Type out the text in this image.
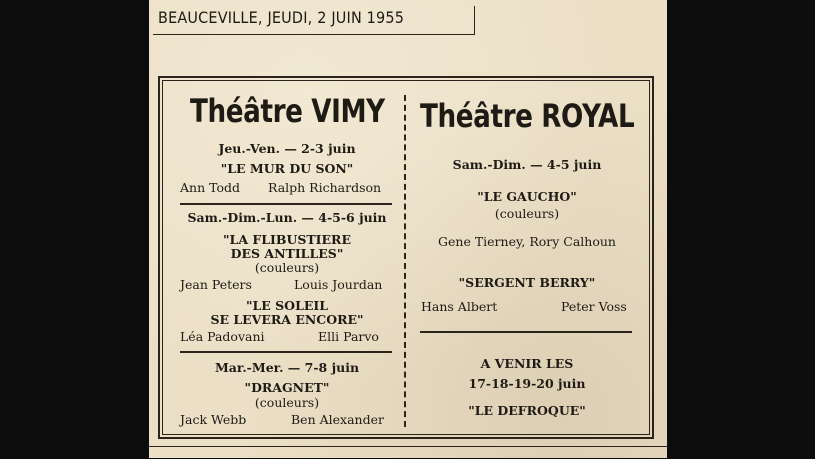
BEAUCEVILLE, JEUDI, 2 JUIN 1955
Théâtre VIMY
Jeu.-Ven. — 2-3 juin
"LE MUR DU SON"
Ann Todd Ralph Richardson
Sam.-Dim.-Lun. — 4-5-6 juin
"LA FLIBUSTIERE
DES ANTILLES"
(couleurs)
Jean Peters	Louis Jourdan
"LE SOLEIL
SE LEVERA ENCORE"
Léa Padovani	Elli Parvo
Mar.-Mer. — 7-8 juin
"DRAGNET"
(couleurs)
Jack Webb	Ben Alexander
Théâtre ROYAL
Sam.-Dim. — 4-5 juin
"LE GAUCHO"
(couleurs)
Gene Tierney, Rory Calhoun
"SERGENT BERRY"
Hans Albert	Peter Voss
A VENIR LES
17-18-19-20 juin
"LE DEFROQUE"
